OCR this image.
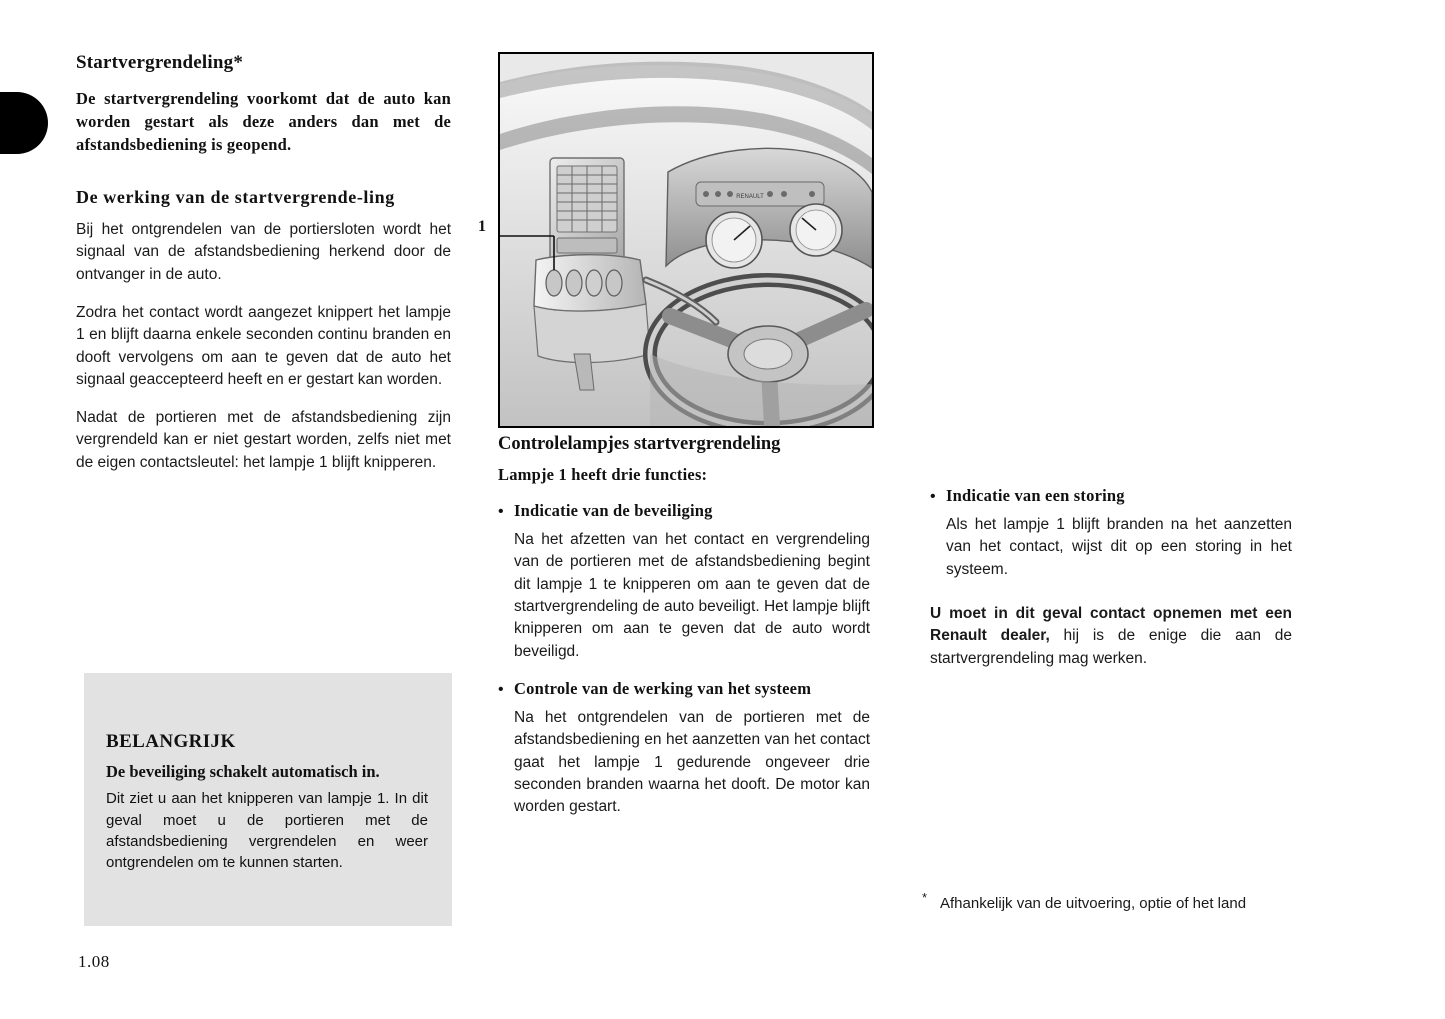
Startvergrendeling*

De startvergrendeling voorkomt dat de auto kan worden gestart als deze anders dan met de afstandsbediening is geopend.

De werking van de startvergrende-ling

Bij het ontgrendelen van de portiersloten wordt het signaal van de afstandsbediening herkend door de ontvanger in de auto.

Zodra het contact wordt aangezet knippert het lampje 1 en blijft daarna enkele seconden continu branden en dooft vervolgens om aan te geven dat de auto het signaal geaccepteerd heeft en er gestart kan worden.

Nadat de portieren met de afstandsbediening zijn vergrendeld kan er niet gestart worden, zelfs niet met de eigen contactsleutel: het lampje 1 blijft knipperen.

BELANGRIJK
De beveiliging schakelt automatisch in.

Dit ziet u aan het knipperen van lampje 1. In dit geval moet u de portieren met de afstandsbediening vergrendelen en weer ontgrendelen om te kunnen starten.

RENAULT
1
Controlelampjes startvergrendeling
Lampje 1 heeft drie functies:
• Indicatie van de beveiliging

Na het afzetten van het contact en vergrendeling van de portieren met de afstandsbediening begint dit lampje 1 te knipperen om aan te geven dat de startvergrendeling de auto beveiligt. Het lampje blijft knipperen om aan te geven dat de auto wordt beveiligd.

• Controle van de werking van het systeem

Na het ontgrendelen van de portieren met de afstandsbediening en het aanzetten van het contact gaat het lampje 1 gedurende ongeveer drie seconden branden waarna het dooft. De motor kan worden gestart.

• Indicatie van een storing

Als het lampje 1 blijft branden na het aanzetten van het contact, wijst dit op een storing in het systeem.

U moet in dit geval contact opnemen met een Renault dealer, hij is de enige die aan de startvergrendeling mag werken.

* Afhankelijk van de uitvoering, optie of het land
1.08
